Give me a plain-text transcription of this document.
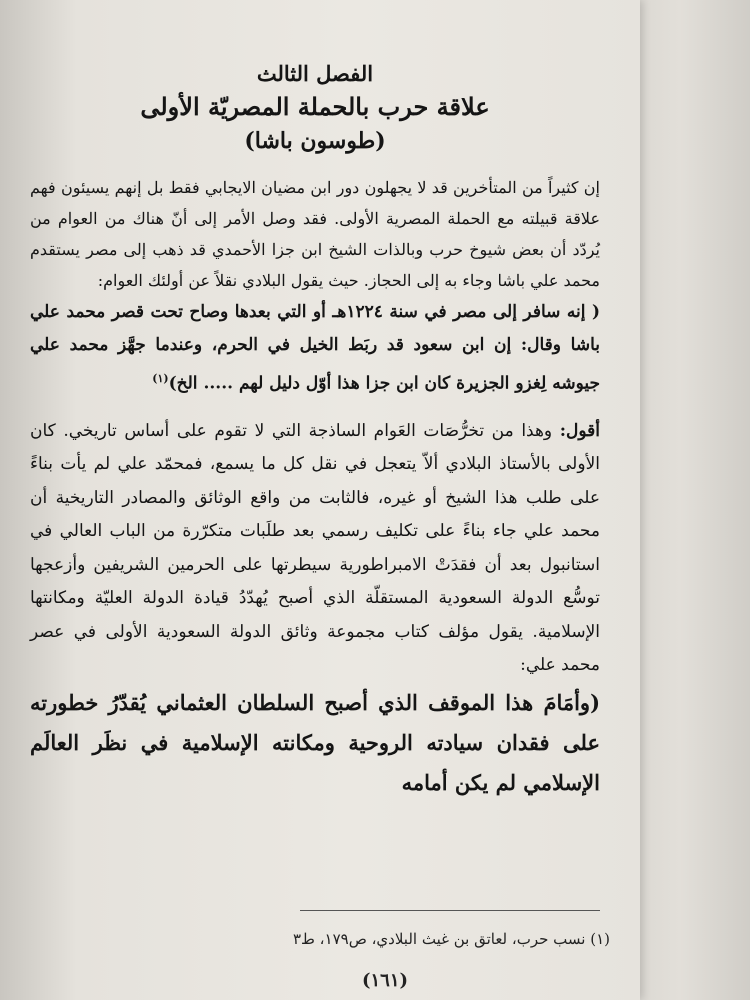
الفصل الثالث

علاقة حرب بالحملة المصريّة الأولى

(طوسون باشا)

إن كثيراً من المتأخرين قد لا يجهلون دور ابن مضيان الايجابي فقط بل إنهم يسيئون فهم علاقة قبيلته مع الحملة المصرية الأولى. فقد وصل الأمر إلى أنّ هناك من العوام من يُردّد أن بعض شيوخ حرب وبالذات الشيخ ابن جزا الأحمدي قد ذهب إلى مصر يستقدم محمد علي باشا وجاء به إلى الحجاز. حيث يقول البلادي نقلاً عن أولئك العوام:

( إنه سافر إلى مصر في سنة ١٢٢٤هـ أو التي بعدها وصاح تحت قصر محمد علي باشا وقال: إن ابن سعود قد ربَط الخيل في الحرم، وعندما جهَّز محمد علي جيوشه لِغزو الجزيرة كان ابن جزا هذا أوّل دليل لهم ..... الخ)$^{(١)}$

أقول: وهذا من تخرُّصَات العَوام الساذجة التي لا تقوم على أساس تاريخي. كان الأولى بالأستاذ البلادي ألاّ يتعجل في نقل كل ما يسمع، فمحمّد علي لم يأت بناءً على طلب هذا الشيخ أو غيره، فالثابت من واقع الوثائق والمصادر التاريخية أن محمد علي جاء بناءً على تكليف رسمي بعد طلَبات متكرّرة من الباب العالي في استانبول بعد أن فقدَتْ الامبراطورية سيطرتها على الحرمين الشريفين وأزعجها توسُّع الدولة السعودية المستقلّة الذي أصبح يُهدّدُ قيادة الدولة العليّة ومكانتها الإسلامية. يقول مؤلف كتاب مجموعة وثائق الدولة السعودية الأولى في عصر محمد علي:

(وأمَامَ هذا الموقف الذي أصبح السلطان العثماني يُقدّرُ خطورته على فقدان سيادته الروحية ومكانته الإسلامية في نظَر العالَم الإسلامي لم يكن أمامه

(١) نسب حرب، لعاتق بن غيث البلادي، ص١٧٩، ط٣
(١٦١)
